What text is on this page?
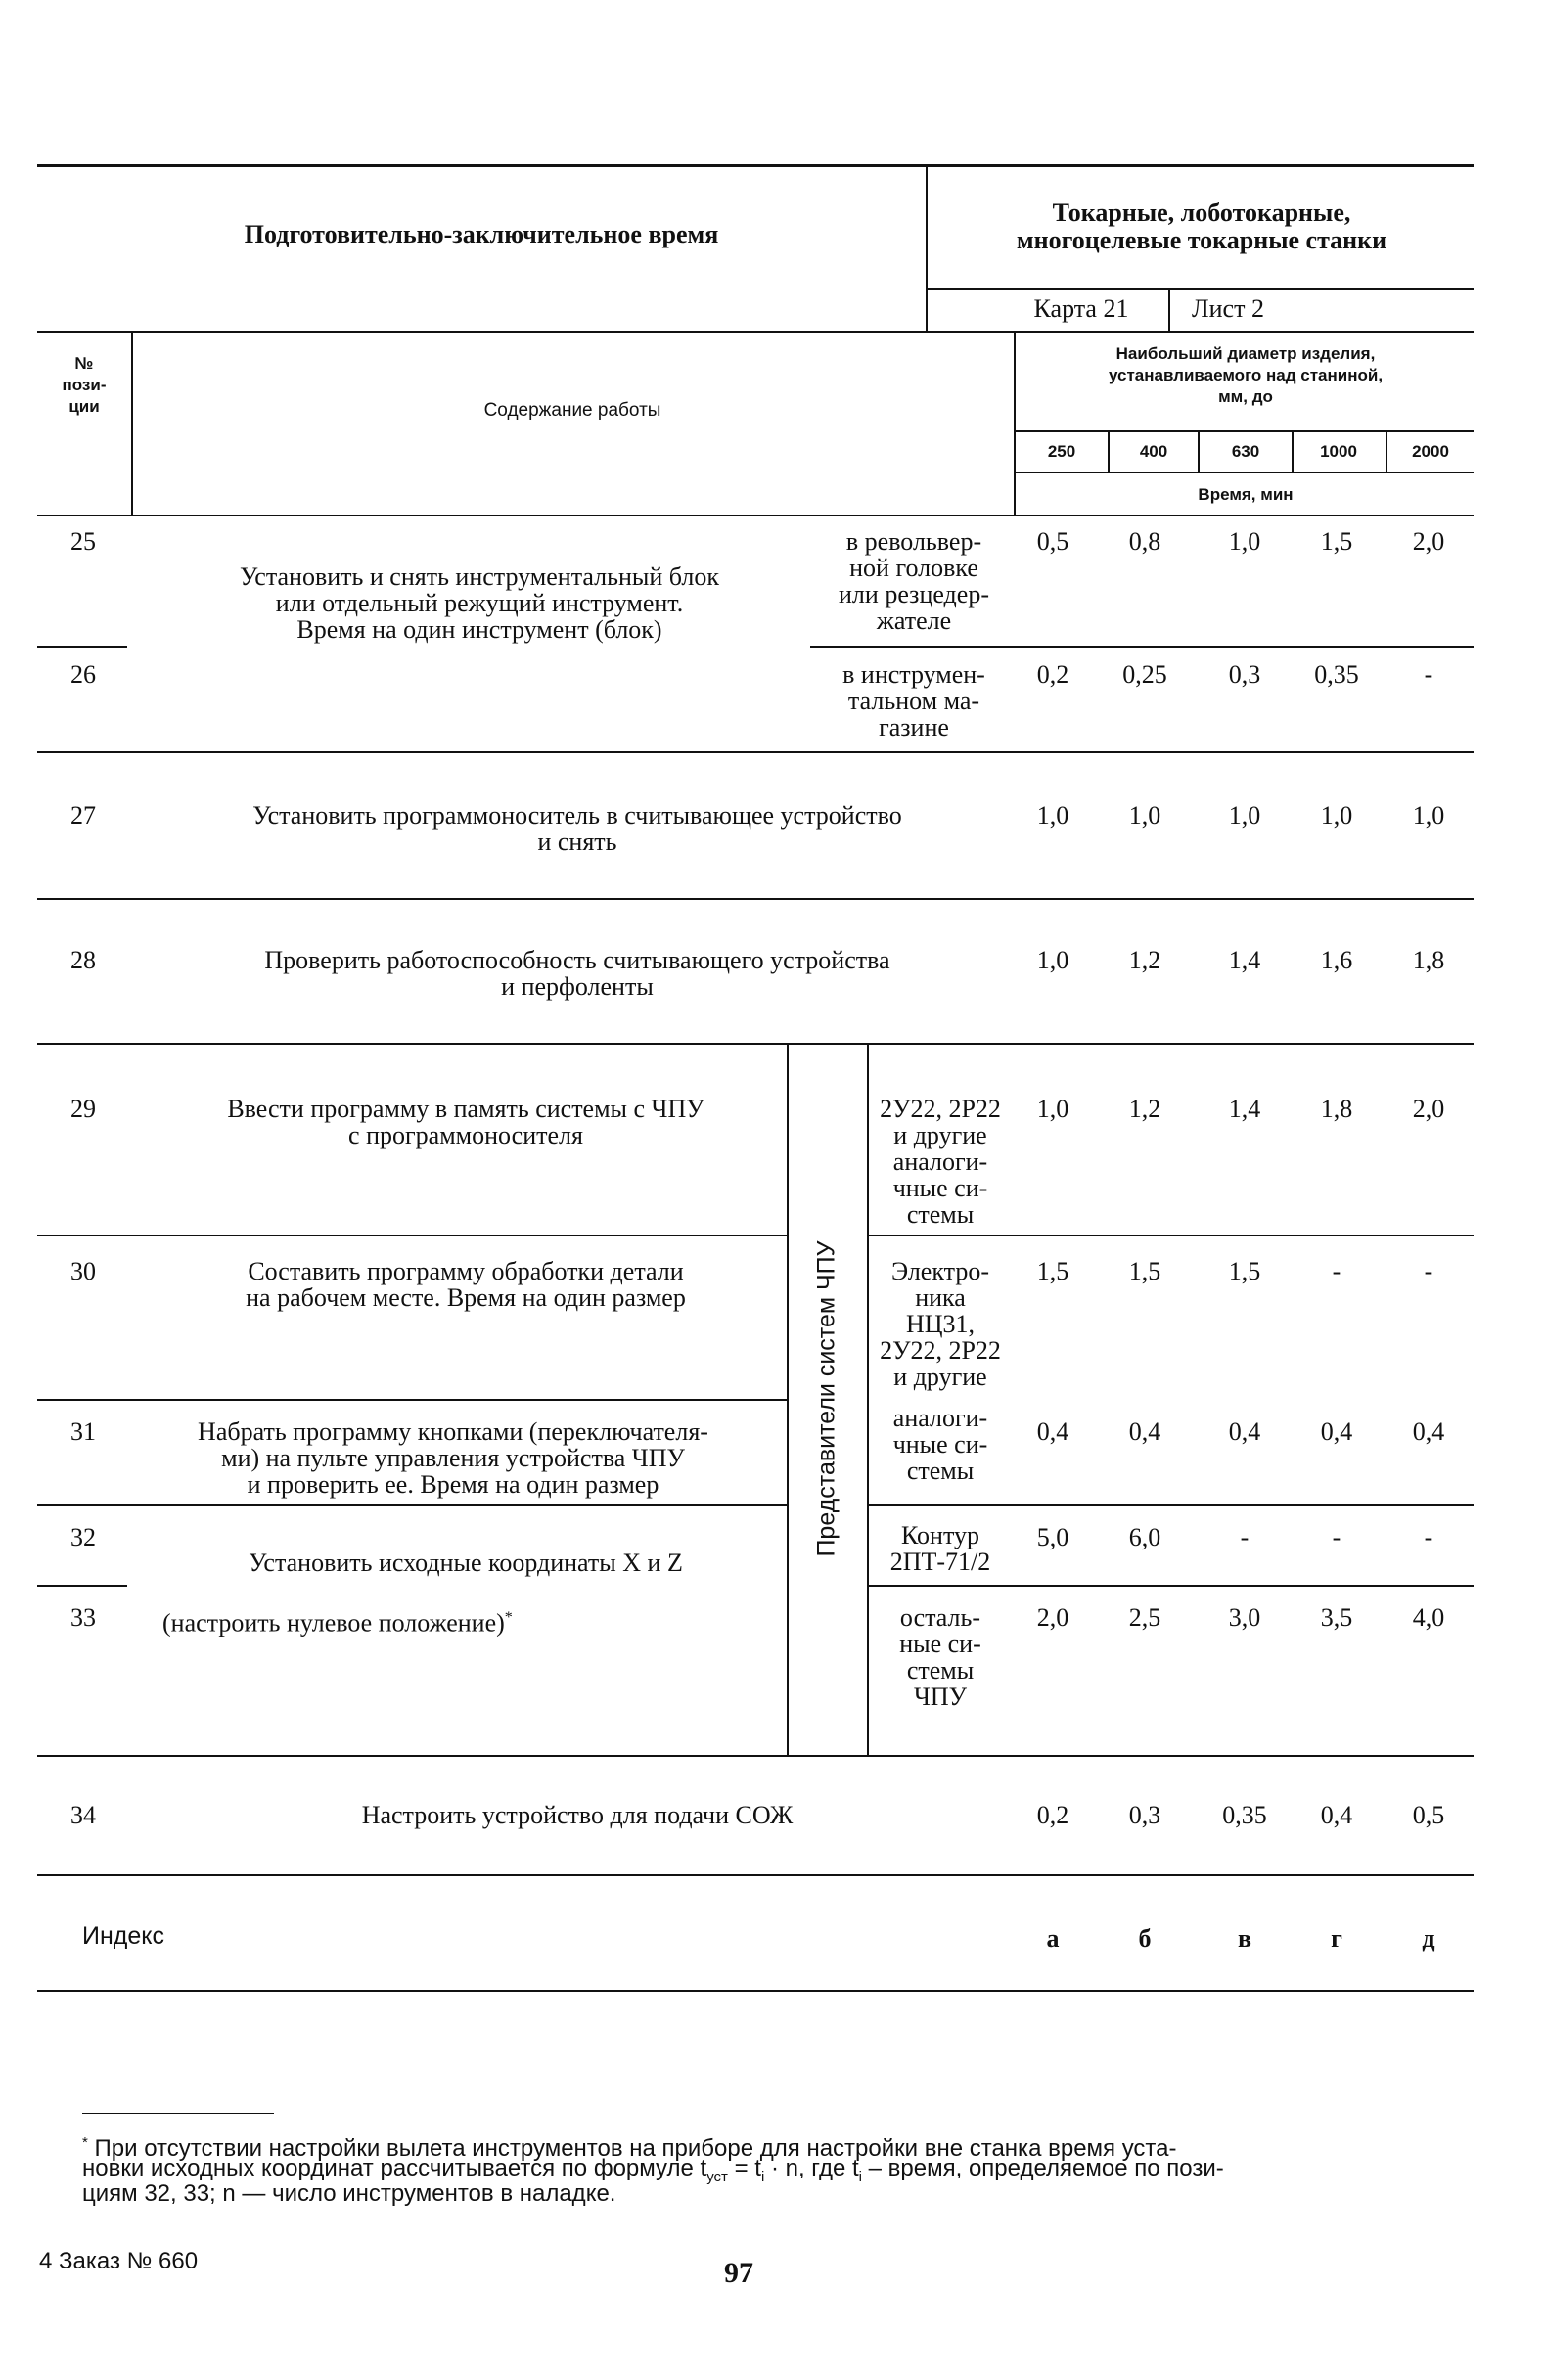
Подготовительно-заключительное время
Токарные, лоботокарные,
многоцелевые токарные станки
Карта 21	Лист 2
№
пози-
ции	Содержание работы
Наибольший диаметр изделия,
устанавливаемого над станиной,
мм, до
250	400	630	1000	2000
Время, мин
25
Установить и снять инструментальный блок
или отдельный режущий инструмент.
Время на один инструмент (блок)
в револьвер-
ной головке
или резцедер-
жателе
0,5	0,8	1,0	1,5	2,0
26	в инструмен-
тальном ма-
газине
0,2	0,25	0,3	0,35	-
27	Установить программоноситель в считывающее устройство
и снять
1,0	1,0	1,0	1,0	1,0
28	Проверить работоспособность считывающего устройства
и перфоленты
1,0	1,2	1,4	1,6	1,8
Представители систем ЧПУ
29	Ввести программу в память системы с ЧПУ
с программоносителя
2У22, 2Р22
и другие
аналоги-
чные си-
стемы
1,0	1,2	1,4	1,8	2,0
30	Составить программу обработки детали
на рабочем месте. Время на один размер
Электро-
ника
НЦ31,
2У22, 2Р22
и другие
1,5	1,5	1,5	-	-
31	Набрать программу кнопками (переключателя-
ми) на пульте управления устройства ЧПУ
и проверить ее. Время на один размер
аналоги-
чные си-
стемы
0,4	0,4	0,4	0,4	0,4
32
Установить исходные координаты X и Z
Контур
2ПТ-71/2
5,0	6,0	-	-	-
33	(настроить нулевое положение)*	осталь-
ные си-
стемы
ЧПУ
2,0	2,5	3,0	3,5	4,0
34	Настроить устройство для подачи СОЖ	0,2	0,3	0,35	0,4	0,5
Индекс	а	б	в	г	д
* При отсутствии настройки вылета инструментов на приборе для настройки вне станка время уста-
новки исходных координат рассчитывается по формуле $t_{уст} = t_i \cdot n$, где $t_i$ – время, определяемое по пози-
циям 32, 33; n — число инструментов в наладке.
4 Заказ № 660	97
